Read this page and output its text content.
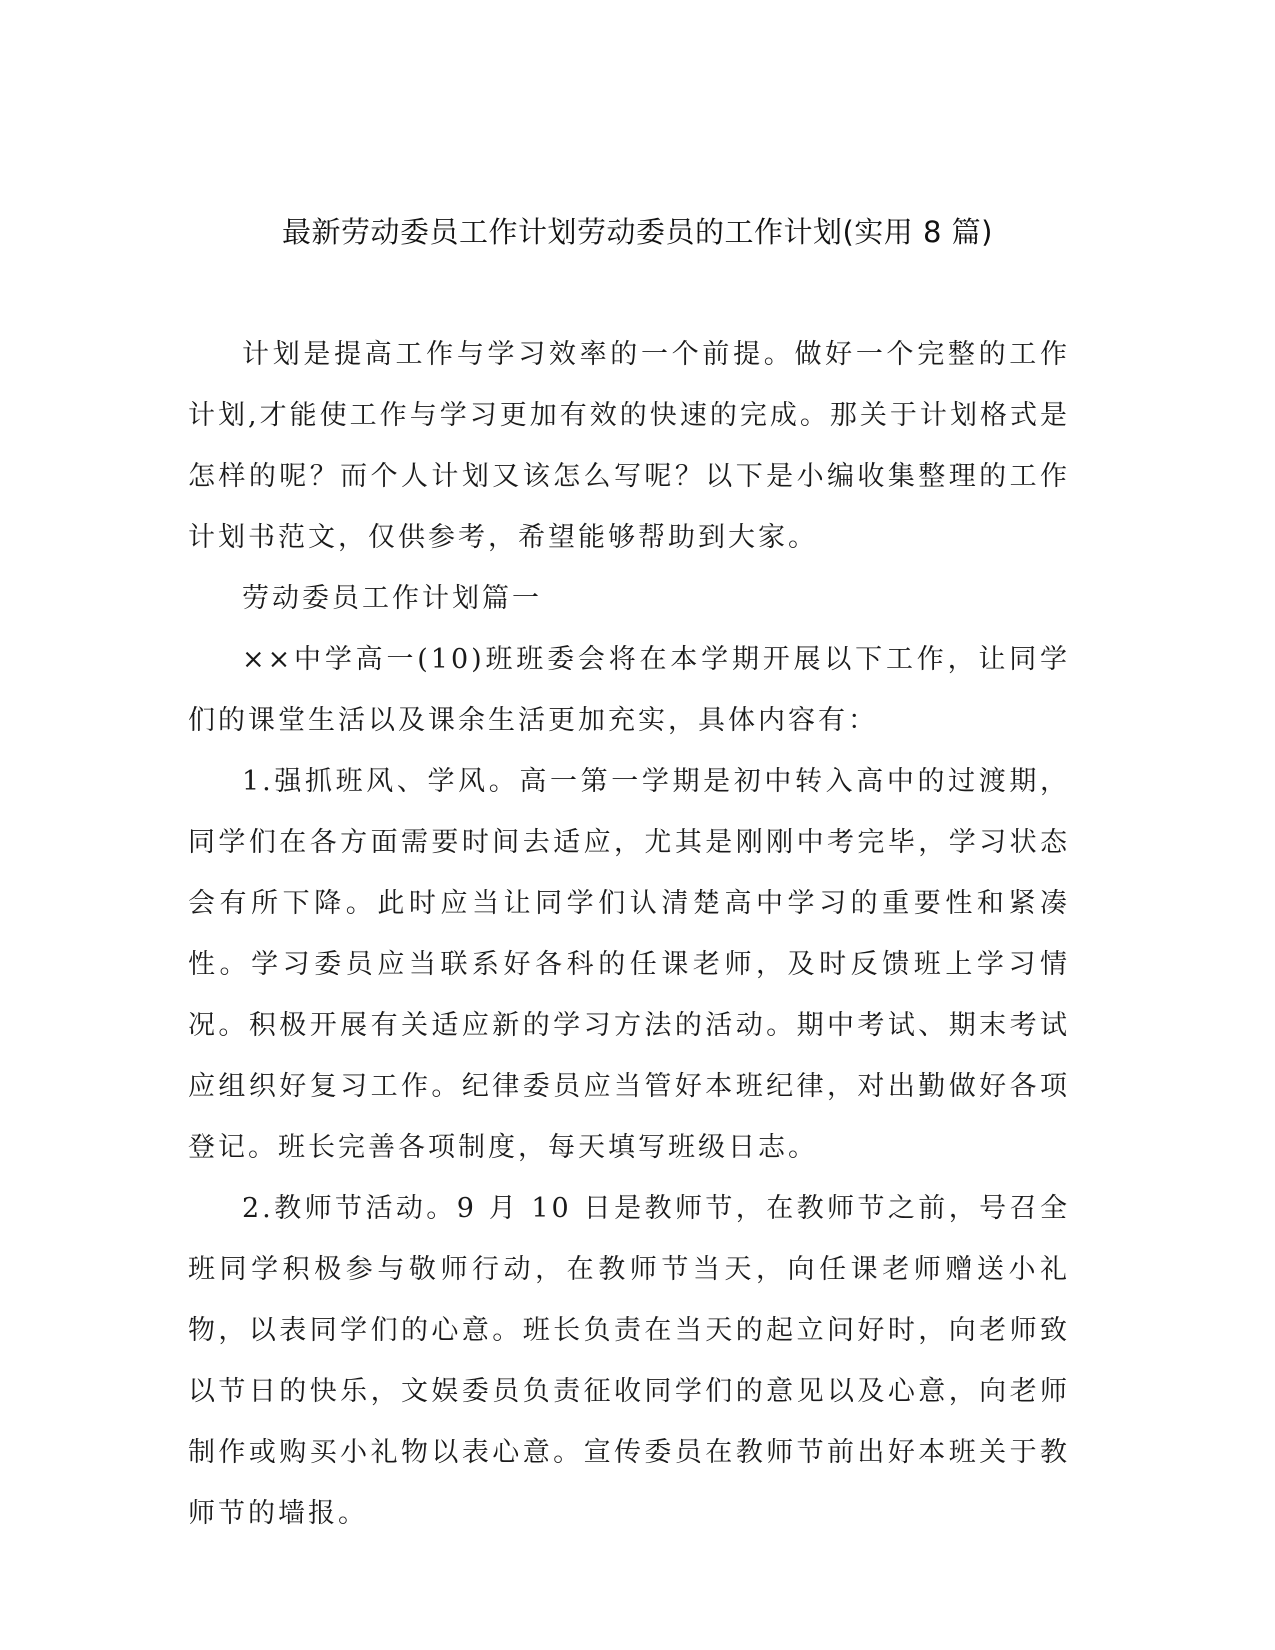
最新劳动委员工作计划劳动委员的工作计划(实用 8 篇)

计划是提高工作与学习效率的一个前提。做好一个完整的工作计划,才能使工作与学习更加有效的快速的完成。那关于计划格式是怎样的呢？而个人计划又该怎么写呢？以下是小编收集整理的工作计划书范文，仅供参考，希望能够帮助到大家。

劳动委员工作计划篇一

××中学高一(10)班班委会将在本学期开展以下工作，让同学们的课堂生活以及课余生活更加充实，具体内容有：

1.强抓班风、学风。高一第一学期是初中转入高中的过渡期，同学们在各方面需要时间去适应，尤其是刚刚中考完毕，学习状态会有所下降。此时应当让同学们认清楚高中学习的重要性和紧凑性。学习委员应当联系好各科的任课老师，及时反馈班上学习情况。积极开展有关适应新的学习方法的活动。期中考试、期末考试应组织好复习工作。纪律委员应当管好本班纪律，对出勤做好各项登记。班长完善各项制度，每天填写班级日志。

2.教师节活动。9 月 10 日是教师节，在教师节之前，号召全班同学积极参与敬师行动，在教师节当天，向任课老师赠送小礼物，以表同学们的心意。班长负责在当天的起立问好时，向老师致以节日的快乐，文娱委员负责征收同学们的意见以及心意，向老师制作或购买小礼物以表心意。宣传委员在教师节前出好本班关于教师节的墙报。
